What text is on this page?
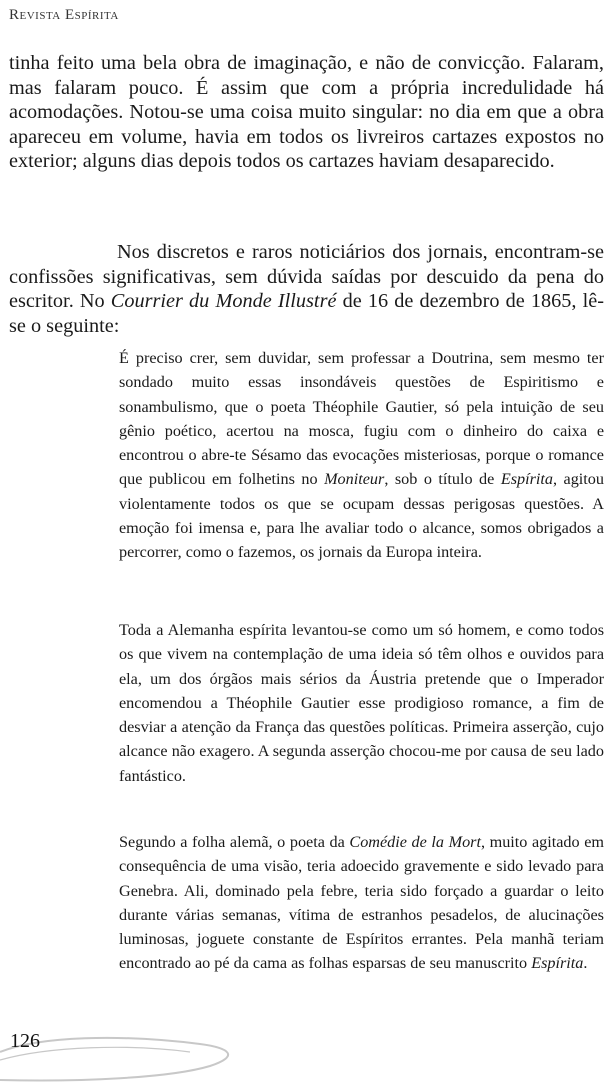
Revista Espírita

tinha feito uma bela obra de imaginação, e não de convicção. Falaram, mas falaram pouco. É assim que com a própria incredulidade há acomodações. Notou-se uma coisa muito singular: no dia em que a obra apareceu em volume, havia em todos os livreiros cartazes expostos no exterior; alguns dias depois todos os cartazes haviam desaparecido.

Nos discretos e raros noticiários dos jornais, encontram-se confissões significativas, sem dúvida saídas por descuido da pena do escritor. No Courrier du Monde Illustré de 16 de dezembro de 1865, lê-se o seguinte:

É preciso crer, sem duvidar, sem professar a Doutrina, sem mesmo ter sondado muito essas insondáveis questões de Espiritismo e sonambulismo, que o poeta Théophile Gautier, só pela intuição de seu gênio poético, acertou na mosca, fugiu com o dinheiro do caixa e encontrou o abre-te Sésamo das evocações misteriosas, porque o romance que publicou em folhetins no Moniteur, sob o título de Espírita, agitou violentamente todos os que se ocupam dessas perigosas questões. A emoção foi imensa e, para lhe avaliar todo o alcance, somos obrigados a percorrer, como o fazemos, os jornais da Europa inteira.

Toda a Alemanha espírita levantou-se como um só homem, e como todos os que vivem na contemplação de uma ideia só têm olhos e ouvidos para ela, um dos órgãos mais sérios da Áustria pretende que o Imperador encomendou a Théophile Gautier esse prodigioso romance, a fim de desviar a atenção da França das questões políticas. Primeira asserção, cujo alcance não exagero. A segunda asserção chocou-me por causa de seu lado fantástico.

Segundo a folha alemã, o poeta da Comédie de la Mort, muito agitado em consequência de uma visão, teria adoecido gravemente e sido levado para Genebra. Ali, dominado pela febre, teria sido forçado a guardar o leito durante várias semanas, vítima de estranhos pesadelos, de alucinações luminosas, joguete constante de Espíritos errantes. Pela manhã teriam encontrado ao pé da cama as folhas esparsas de seu manuscrito Espírita.

126
